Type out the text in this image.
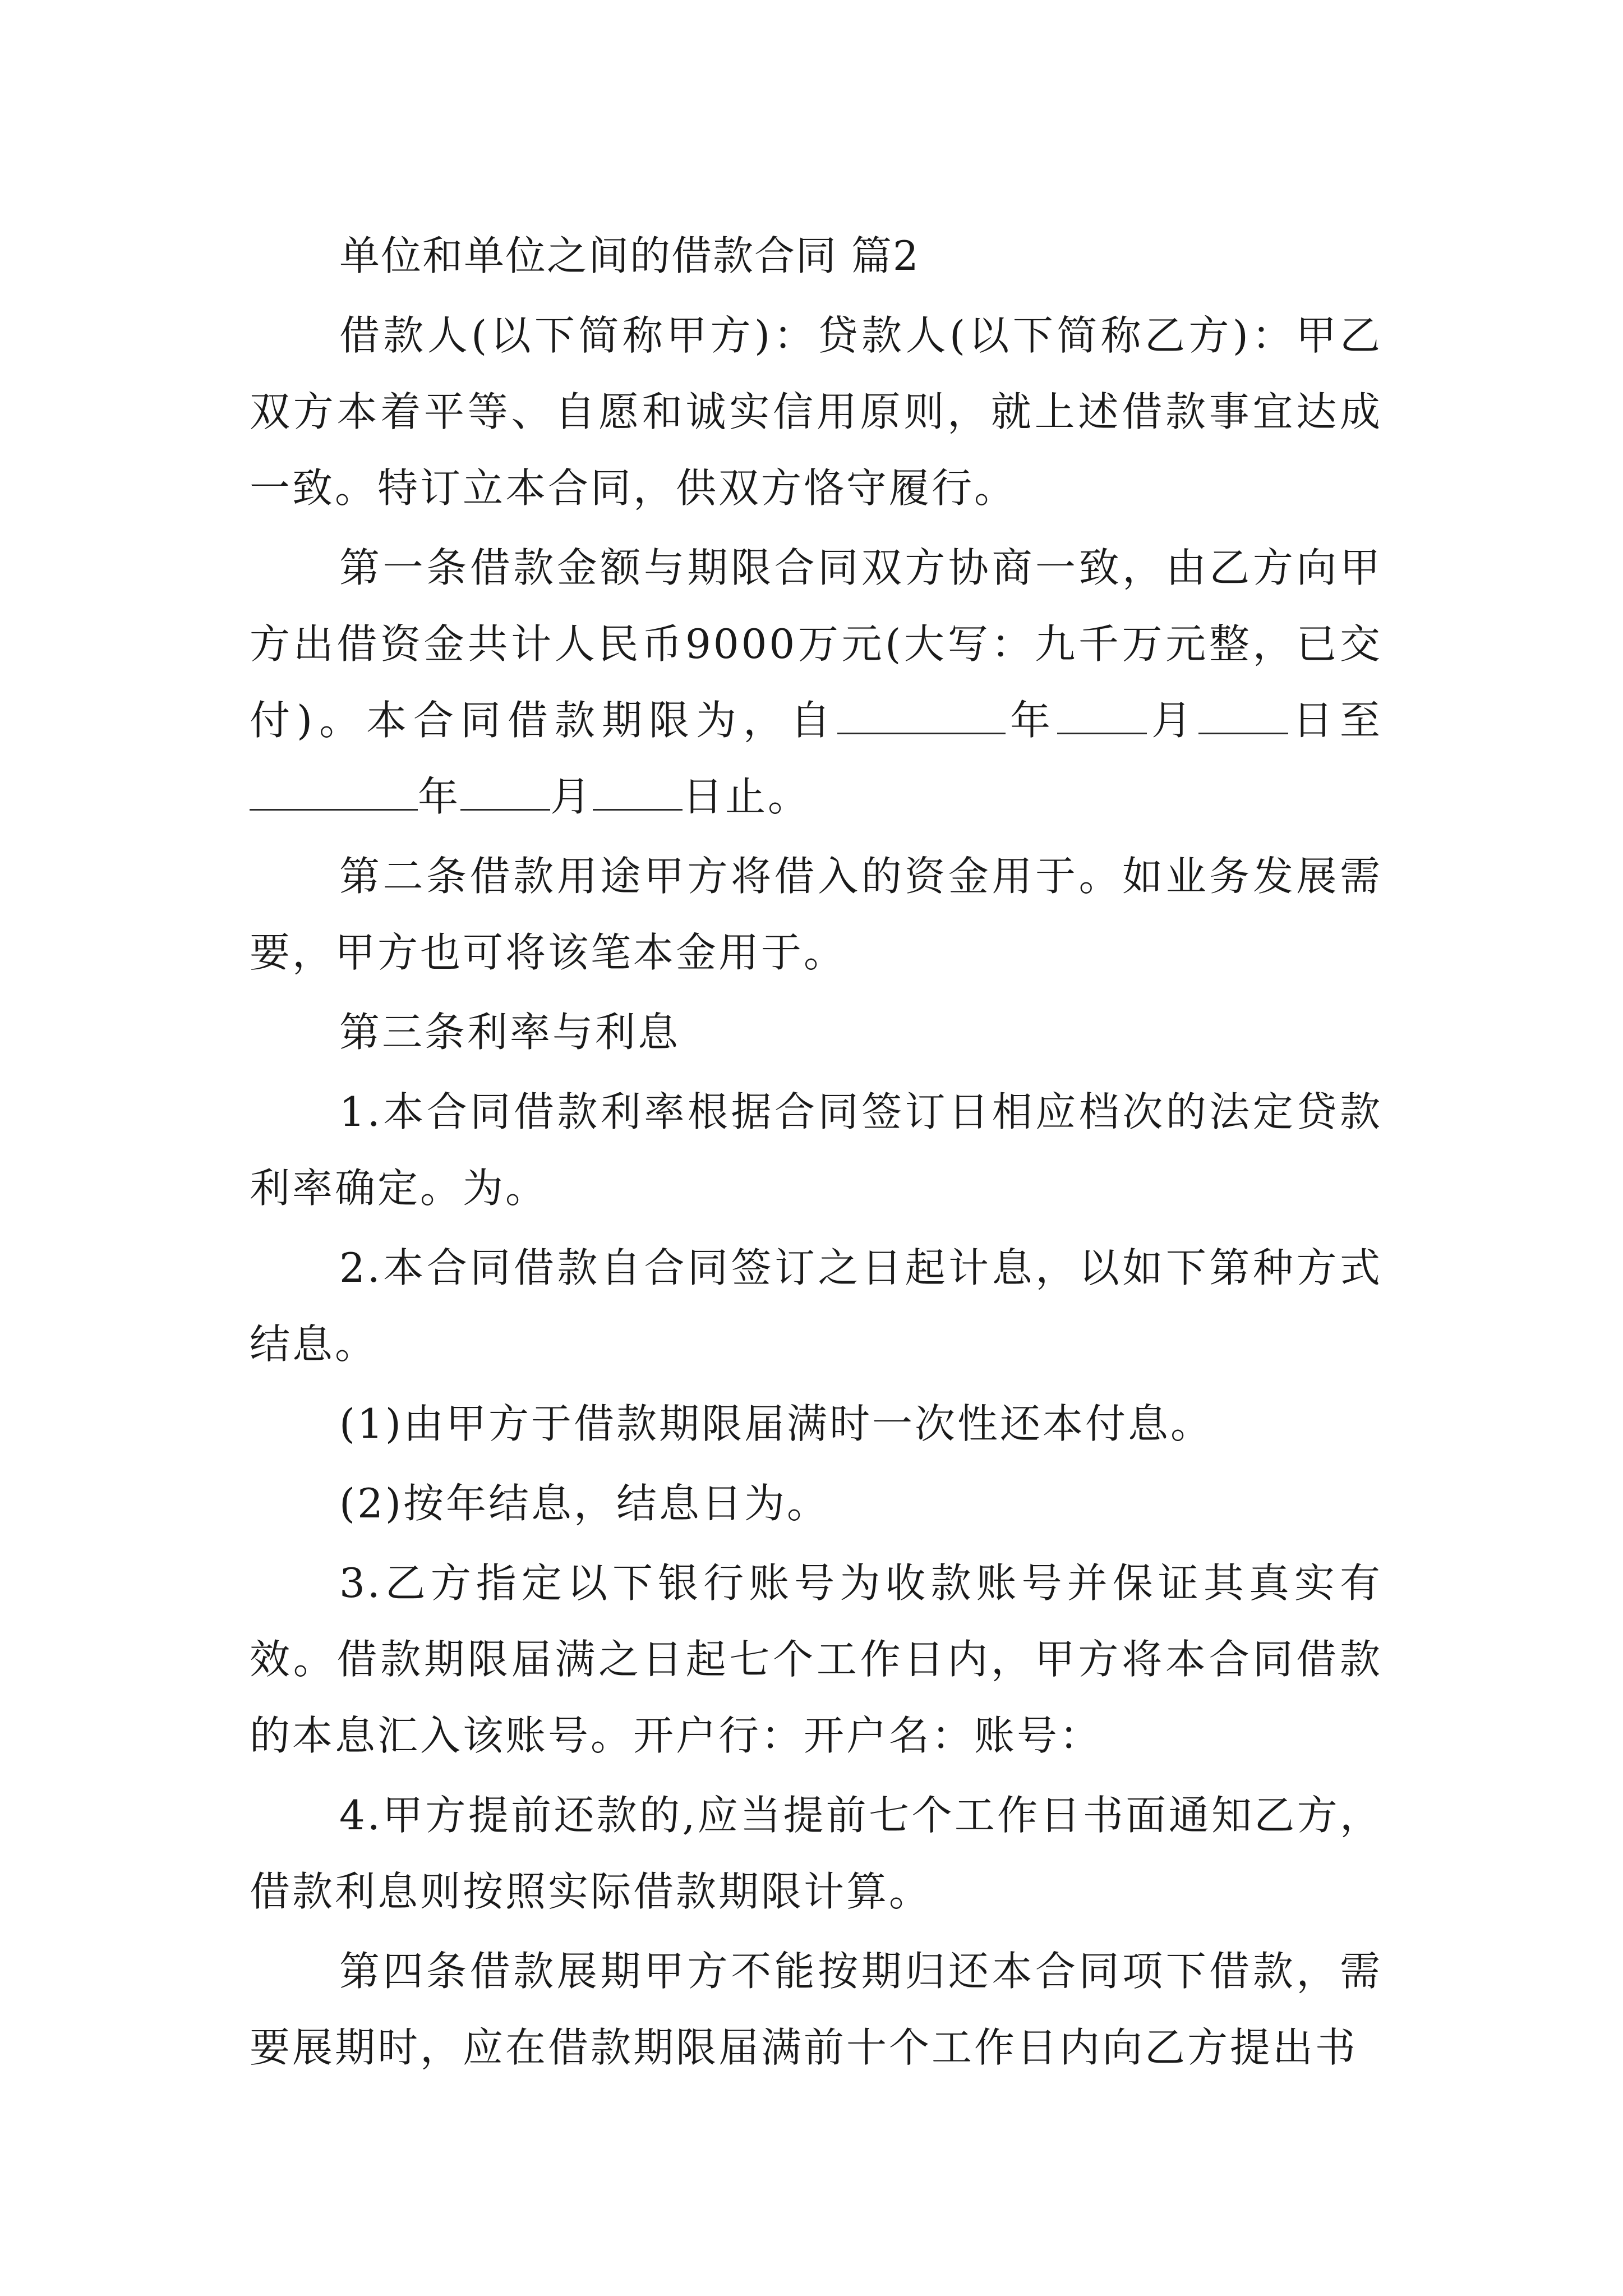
单位和单位之间的借款合同 篇2

借款人(以下简称甲方)：贷款人(以下简称乙方)：甲乙双方本着平等、自愿和诚实信用原则，就上述借款事宜达成一致。特订立本合同，供双方恪守履行。

第一条借款金额与期限合同双方协商一致，由乙方向甲方出借资金共计人民币9000万元(大写：九千万元整，已交付)。本合同借款期限为，自	年 月 日至年 月 日止。

第二条借款用途甲方将借入的资金用于。如业务发展需要，甲方也可将该笔本金用于。

第三条利率与利息

1.本合同借款利率根据合同签订日相应档次的法定贷款利率确定。为。

2.本合同借款自合同签订之日起计息，以如下第种方式结息。

(1)由甲方于借款期限届满时一次性还本付息。

(2)按年结息，结息日为。

3.乙方指定以下银行账号为收款账号并保证其真实有效。借款期限届满之日起七个工作日内，甲方将本合同借款的本息汇入该账号。开户行：开户名：账号：

4.甲方提前还款的,应当提前七个工作日书面通知乙方，借款利息则按照实际借款期限计算。

第四条借款展期甲方不能按期归还本合同项下借款，需要展期时，应在借款期限届满前十个工作日内向乙方提出书
